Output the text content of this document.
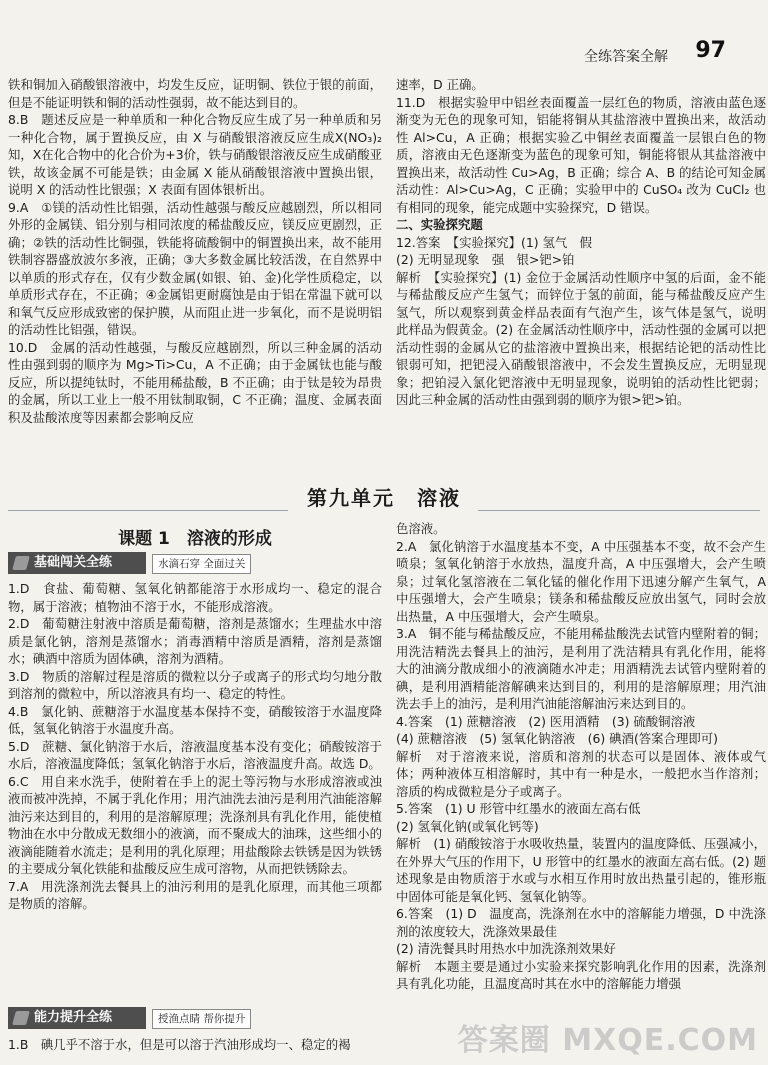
全练答案全解 97

铁和铜加入硝酸银溶液中，均发生反应，证明铜、铁位于银的前面，但是不能证明铁和铜的活动性强弱，故不能达到目的。

8.B　题述反应是一种单质和一种化合物反应生成了另一种单质和另一种化合物，属于置换反应，由 X 与硝酸银溶液反应生成X(NO₃)₂ 知，X在化合物中的化合价为+3价，铁与硝酸银溶液反应生成硝酸亚铁，故该金属不可能是铁；由金属 X 能从硝酸银溶液中置换出银，说明 X 的活动性比银强；X 表面有固体银析出。

9.A　①镁的活动性比铝强，活动性越强与酸反应越剧烈，所以相同外形的金属镁、铝分别与相同浓度的稀盐酸反应，镁反应更剧烈，正确；②铁的活动性比铜强，铁能将硫酸铜中的铜置换出来，故不能用铁制容器盛放波尔多液，正确；③大多数金属比较活泼，在自然界中以单质的形式存在，仅有少数金属(如银、铂、金)化学性质稳定，以单质形式存在，不正确；④金属铝更耐腐蚀是由于铝在常温下就可以和氧气反应形成致密的保护膜，从而阻止进一步氧化，而不是说明铝的活动性比铝强，错误。

10.D　金属的活动性越强，与酸反应越剧烈，所以三种金属的活动性由强到弱的顺序为 Mg>Ti>Cu，A 不正确；由于金属钛也能与酸反应，所以提纯钛时，不能用稀盐酸，B 不正确；由于钛是较为昂贵的金属，所以工业上一般不用钛制取铜，C 不正确；温度、金属表面积及盐酸浓度等因素都会影响反应

速率，D 正确。

11.D　根据实验甲中铝丝表面覆盖一层红色的物质，溶液由蓝色逐渐变为无色的现象可知，铝能将铜从其盐溶液中置换出来，故活动性 Al>Cu，A 正确；根据实验乙中铜丝表面覆盖一层银白色的物质，溶液由无色逐渐变为蓝色的现象可知，铜能将银从其盐溶液中置换出来，故活动性 Cu>Ag，B 正确；综合 A、B 的结论可知金属活动性：Al>Cu>Ag，C 正确；实验甲中的 CuSO₄ 改为 CuCl₂ 也有相同的现象，能完成题中实验探究，D 错误。

二、实验探究题

12.答案　【实验探究】(1) 氢气　假
(2) 无明显现象　强　银>钯>铂

解析　【实验探究】(1) 金位于金属活动性顺序中氢的后面，金不能与稀盐酸反应产生氢气；而锌位于氢的前面，能与稀盐酸反应产生氢气，所以观察到黄金样品表面有气泡产生，该气体是氢气，说明此样品为假黄金。(2) 在金属活动性顺序中，活动性强的金属可以把活动性弱的金属从它的盐溶液中置换出来，根据结论钯的活动性比银弱可知，把钯浸入硝酸银溶液中，不会发生置换反应，无明显现象；把铂浸入氯化钯溶液中无明显现象，说明铂的活动性比钯弱；因此三种金属的活动性由强到弱的顺序为银>钯>铂。

第九单元　溶液
课题 1　溶液的形成
基础闯关全练	水滴石穿 全面过关

1.D　食盐、葡萄糖、氢氧化钠都能溶于水形成均一、稳定的混合物，属于溶液；植物油不溶于水，不能形成溶液。

2.D　葡萄糖注射液中溶质是葡萄糖，溶剂是蒸馏水；生理盐水中溶质是氯化钠，溶剂是蒸馏水；消毒酒精中溶质是酒精，溶剂是蒸馏水；碘酒中溶质为固体碘，溶剂为酒精。

3.D　物质的溶解过程是溶质的微粒以分子或离子的形式均匀地分散到溶剂的微粒中，所以溶液具有均一、稳定的特性。

4.B　氯化钠、蔗糖溶于水温度基本保持不变，硝酸铵溶于水温度降低，氢氧化钠溶于水温度升高。

5.D　蔗糖、氯化钠溶于水后，溶液温度基本没有变化；硝酸铵溶于水后，溶液温度降低；氢氧化钠溶于水后，溶液温度升高。故选 D。

6.C　用自来水洗手，使附着在手上的泥土等污物与水形成溶液或浊液而被冲洗掉，不属于乳化作用；用汽油洗去油污是利用汽油能溶解油污来达到目的，利用的是溶解原理；洗涤剂具有乳化作用，能使植物油在水中分散成无数细小的液滴，而不聚成大的油珠，这些细小的液滴能随着水流走；是利用的乳化原理；用盐酸除去铁锈是因为铁锈的主要成分氧化铁能和盐酸反应生成可溶物，从而把铁锈除去。

7.A　用洗涤剂洗去餐具上的油污利用的是乳化原理，而其他三项都是物质的溶解。

能力提升全练	授渔点睛 帮你提升

1.B　碘几乎不溶于水，但是可以溶于汽油形成均一、稳定的褐

色溶液。

2.A　氯化钠溶于水温度基本不变，A 中压强基本不变，故不会产生喷泉；氢氧化钠溶于水放热，温度升高，A 中压强增大，会产生喷泉；过氧化氢溶液在二氧化锰的催化作用下迅速分解产生氧气，A 中压强增大，会产生喷泉；镁条和稀盐酸反应放出氢气，同时会放出热量，A 中压强增大，会产生喷泉。

3.A　铜不能与稀盐酸反应，不能用稀盐酸洗去试管内壁附着的铜；用洗洁精洗去餐具上的油污，是利用了洗洁精具有乳化作用，能将大的油滴分散成细小的液滴随水冲走；用酒精洗去试管内壁附着的碘，是利用酒精能溶解碘来达到目的，利用的是溶解原理；用汽油洗去手上的油污，是利用汽油能溶解油污来达到目的。

4.答案　(1) 蔗糖溶液　(2) 医用酒精　(3) 硫酸铜溶液
(4) 蔗糖溶液　(5) 氢氧化钠溶液　(6) 碘酒(答案合理即可)

解析　对于溶液来说，溶质和溶剂的状态可以是固体、液体或气体；两种液体互相溶解时，其中有一种是水，一般把水当作溶剂；溶质的构成微粒是分子或离子。

5.答案　(1) U 形管中红墨水的液面左高右低
(2) 氢氧化钠(或氧化钙等)

解析　(1) 硝酸铵溶于水吸收热量，装置内的温度降低、压强减小，在外界大气压的作用下，U 形管中的红墨水的液面左高右低。(2) 题述现象是由物质溶于水或与水相互作用时放出热量引起的，锥形瓶中固体可能是氧化钙、氢氧化钠等。

6.答案　(1) D　温度高，洗涤剂在水中的溶解能力增强，D 中洗涤剂的浓度较大，洗涤效果最佳
(2) 清洗餐具时用热水中加洗涤剂效果好

解析　本题主要是通过小实验来探究影响乳化作用的因素，洗涤剂具有乳化功能，且温度高时其在水中的溶解能力增强

答案圈 MXQE.COM
